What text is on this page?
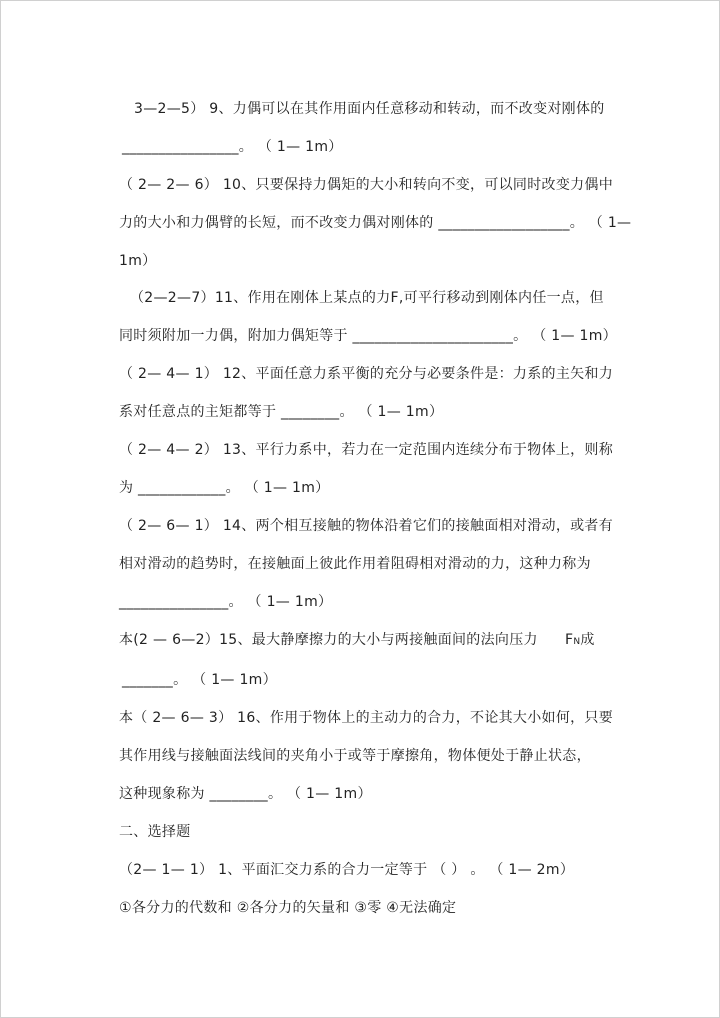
3—2—5） 9、力偶可以在其作用面内任意移动和转动，而不改变对刚体的
________________。 （ 1— 1m）
（ 2— 2— 6） 10、只要保持力偶矩的大小和转向不变，可以同时改变力偶中
力的大小和力偶臂的长短，而不改变力偶对刚体的 __________________。 （ 1—
1m）
（2—2—7）11、作用在刚体上某点的力F,可平行移动到刚体内任一点，但
同时须附加一力偶，附加力偶矩等于 ______________________。 （ 1— 1m）
（ 2— 4— 1） 12、平面任意力系平衡的充分与必要条件是：力系的主矢和力
系对任意点的主矩都等于 ________。 （ 1— 1m）
（ 2— 4— 2） 13、平行力系中，若力在一定范围内连续分布于物体上，则称
为 ____________。 （ 1— 1m）
（ 2— 6— 1） 14、两个相互接触的物体沿着它们的接触面相对滑动，或者有
相对滑动的趋势时，在接触面上彼此作用着阻碍相对滑动的力，这种力称为
_______________。 （ 1— 1m）
本(2 — 6—2）15、最大静摩擦力的大小与两接触面间的法向压力 FN成
_______。 （ 1— 1m）
本（ 2— 6— 3） 16、作用于物体上的主动力的合力，不论其大小如何，只要
其作用线与接触面法线间的夹角小于或等于摩擦角，物体便处于静止状态，
这种现象称为 ________。 （ 1— 1m）
二、选择题
（2— 1— 1） 1、平面汇交力系的合力一定等于 （ ） 。 （ 1— 2m）
①各分力的代数和 ②各分力的矢量和 ③零 ④无法确定
